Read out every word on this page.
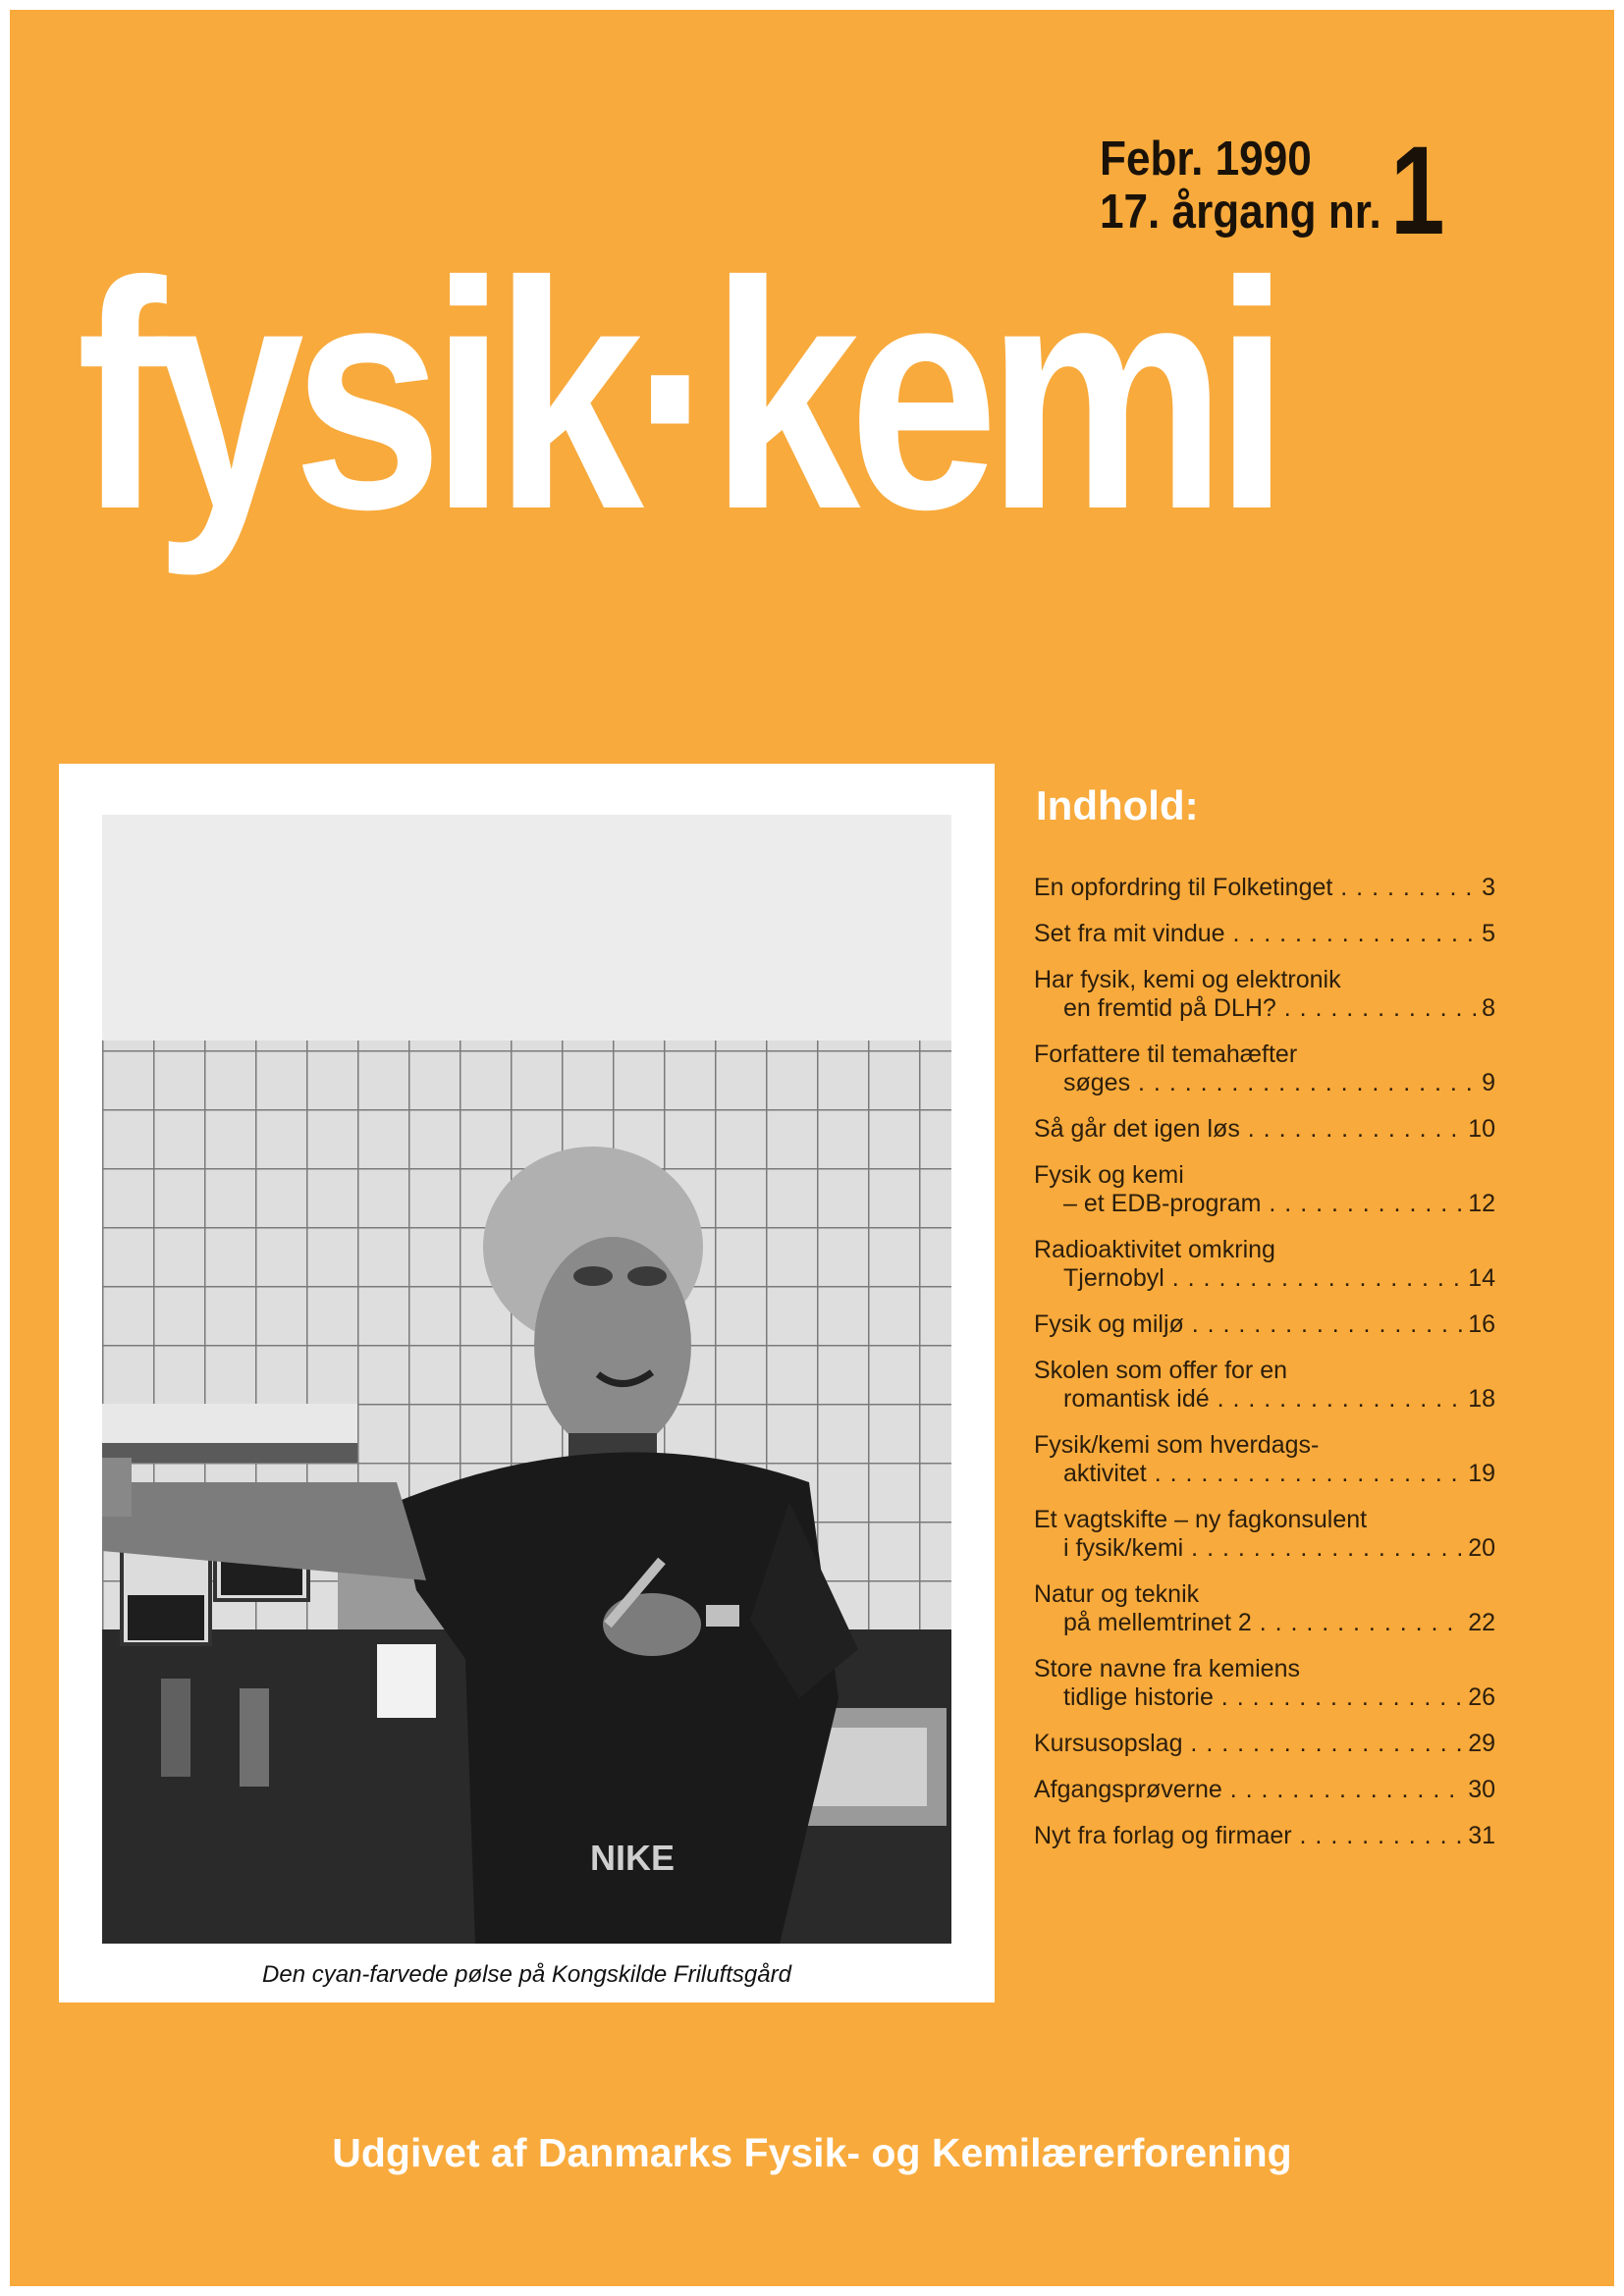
Febr. 1990
17. årgang nr. 1
fysik·kemi
NIKE
Den cyan-farvede pølse på Kongskilde Friluftsgård
Indhold:
En opfordring til Folketinget . . .	3
Set fra mit vindue . . .	5
Har fysik, kemi og elektronik
en fremtid på DLH? . . .	8
Forfattere til temahæfter
søges . . .	9
Så går det igen løs . . .	10
Fysik og kemi
– et EDB-program . . .	12
Radioaktivitet omkring
Tjernobyl . . .	14
Fysik og miljø . . .	16
Skolen som offer for en
romantisk idé . . .	18
Fysik/kemi som hverdags-
aktivitet . . .	19
Et vagtskifte – ny fagkonsulent
i fysik/kemi . . .	20
Natur og teknik
på mellemtrinet 2 . . .	22
Store navne fra kemiens
tidlige historie . . .	26
Kursusopslag . . .	29
Afgangsprøverne . . .	30
Nyt fra forlag og firmaer . . .	31
Udgivet af Danmarks Fysik- og Kemilærerforening
